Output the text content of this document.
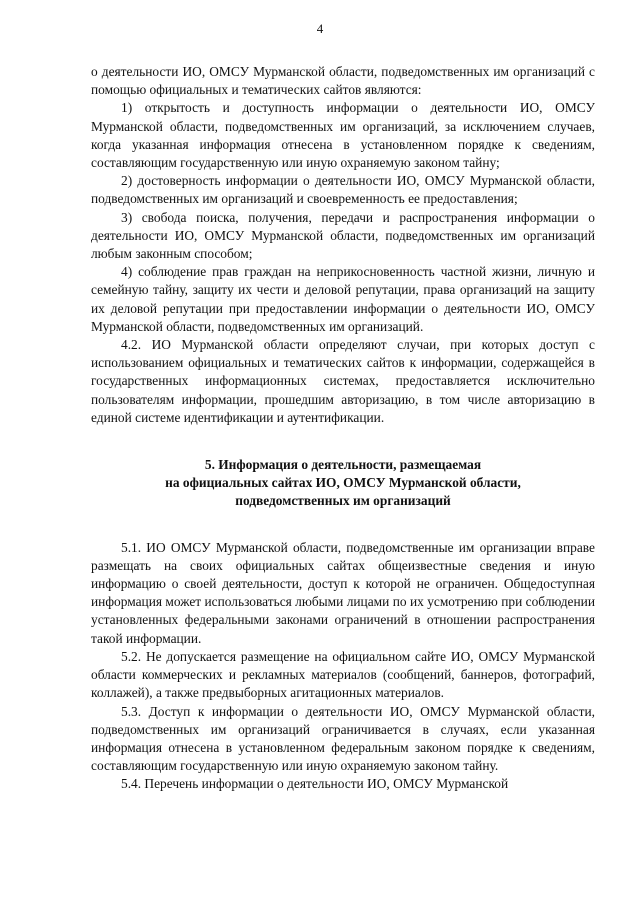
4

о деятельности ИО, ОМСУ Мурманской области, подведомственных им организаций с помощью официальных и тематических сайтов являются:

1) открытость и доступность информации о деятельности ИО, ОМСУ Мурманской области, подведомственных им организаций, за исключением случаев, когда указанная информация отнесена в установленном порядке к сведениям, составляющим государственную или иную охраняемую законом тайну;

2) достоверность информации о деятельности ИО, ОМСУ Мурманской области, подведомственных им организаций и своевременность ее предоставления;

3) свобода поиска, получения, передачи и распространения информации о деятельности ИО, ОМСУ Мурманской области, подведомственных им организаций любым законным способом;

4) соблюдение прав граждан на неприкосновенность частной жизни, личную и семейную тайну, защиту их чести и деловой репутации, права организаций на защиту их деловой репутации при предоставлении информации о деятельности ИО, ОМСУ Мурманской области, подведомственных им организаций.

4.2. ИО Мурманской области определяют случаи, при которых доступ с использованием официальных и тематических сайтов к информации, содержащейся в государственных информационных системах, предоставляется исключительно пользователям информации, прошедшим авторизацию, в том числе авторизацию в единой системе идентификации и аутентификации.

5. Информация о деятельности, размещаемая
на официальных сайтах ИО, ОМСУ Мурманской области,
подведомственных им организаций

5.1. ИО ОМСУ Мурманской области, подведомственные им организации вправе размещать на своих официальных сайтах общеизвестные сведения и иную информацию о своей деятельности, доступ к которой не ограничен. Общедоступная информация может использоваться любыми лицами по их усмотрению при соблюдении установленных федеральными законами ограничений в отношении распространения такой информации.

5.2. Не допускается размещение на официальном сайте ИО, ОМСУ Мурманской области коммерческих и рекламных материалов (сообщений, баннеров, фотографий, коллажей), а также предвыборных агитационных материалов.

5.3. Доступ к информации о деятельности ИО, ОМСУ Мурманской области, подведомственных им организаций ограничивается в случаях, если указанная информация отнесена в установленном федеральным законом порядке к сведениям, составляющим государственную или иную охраняемую законом тайну.

5.4. Перечень информации о деятельности ИО, ОМСУ Мурманской
